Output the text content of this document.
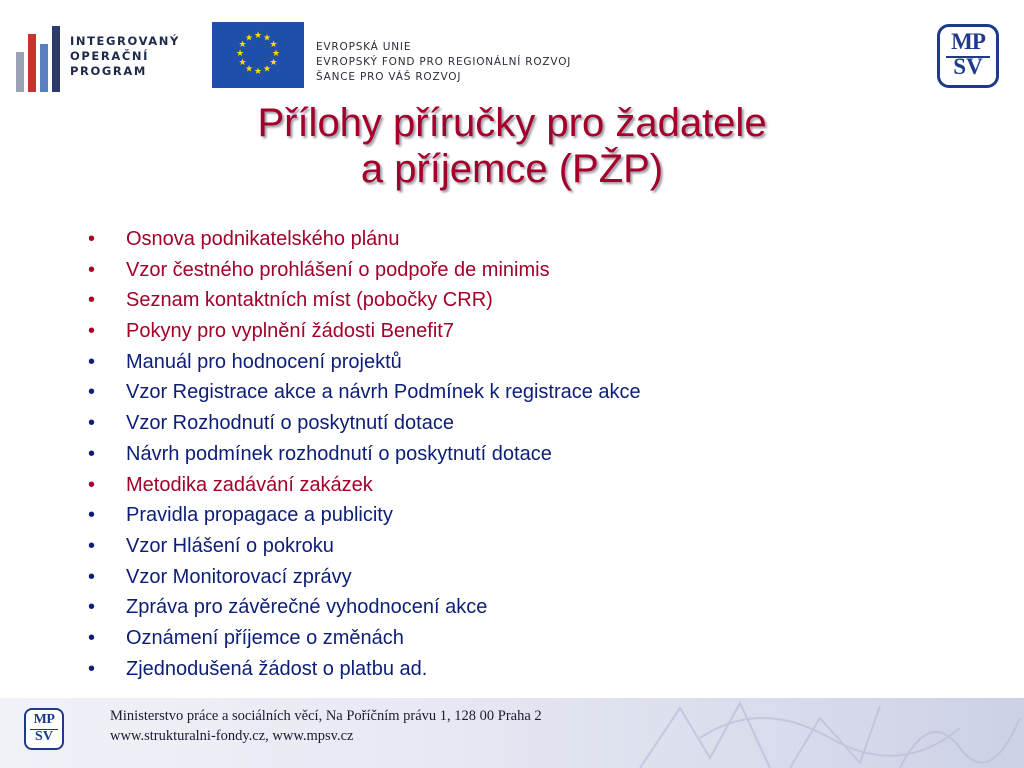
INTEGROVANÝ
OPERAČNÍ
PROGRAM
★ ★
★
★
★
★
★
★
★
★
★
★
EVROPSKÁ UNIE
EVROPSKÝ FOND PRO REGIONÁLNÍ ROZVOJ
ŠANCE PRO VÁŠ ROZVOJ
MP
SV
Přílohy příručky pro žadatele
a příjemce (PŽP)
• Osnova podnikatelského plánu
• Vzor čestného prohlášení o podpoře de minimis
• Seznam kontaktních míst (pobočky CRR)
• Pokyny pro vyplnění žádosti Benefit7
• Manuál pro hodnocení projektů
• Vzor Registrace akce a návrh Podmínek k registrace akce
• Vzor Rozhodnutí o poskytnutí dotace
• Návrh podmínek rozhodnutí o poskytnutí dotace
• Metodika zadávání zakázek
• Pravidla propagace a publicity
• Vzor Hlášení o pokroku
• Vzor Monitorovací zprávy
• Zpráva pro závěrečné vyhodnocení akce
• Oznámení příjemce o změnách
• Zjednodušená žádost o platbu ad.
MP
SV
Ministerstvo práce a sociálních věcí, Na Poříčním právu 1, 128 00 Praha 2
www.strukturalni-fondy.cz, www.mpsv.cz
